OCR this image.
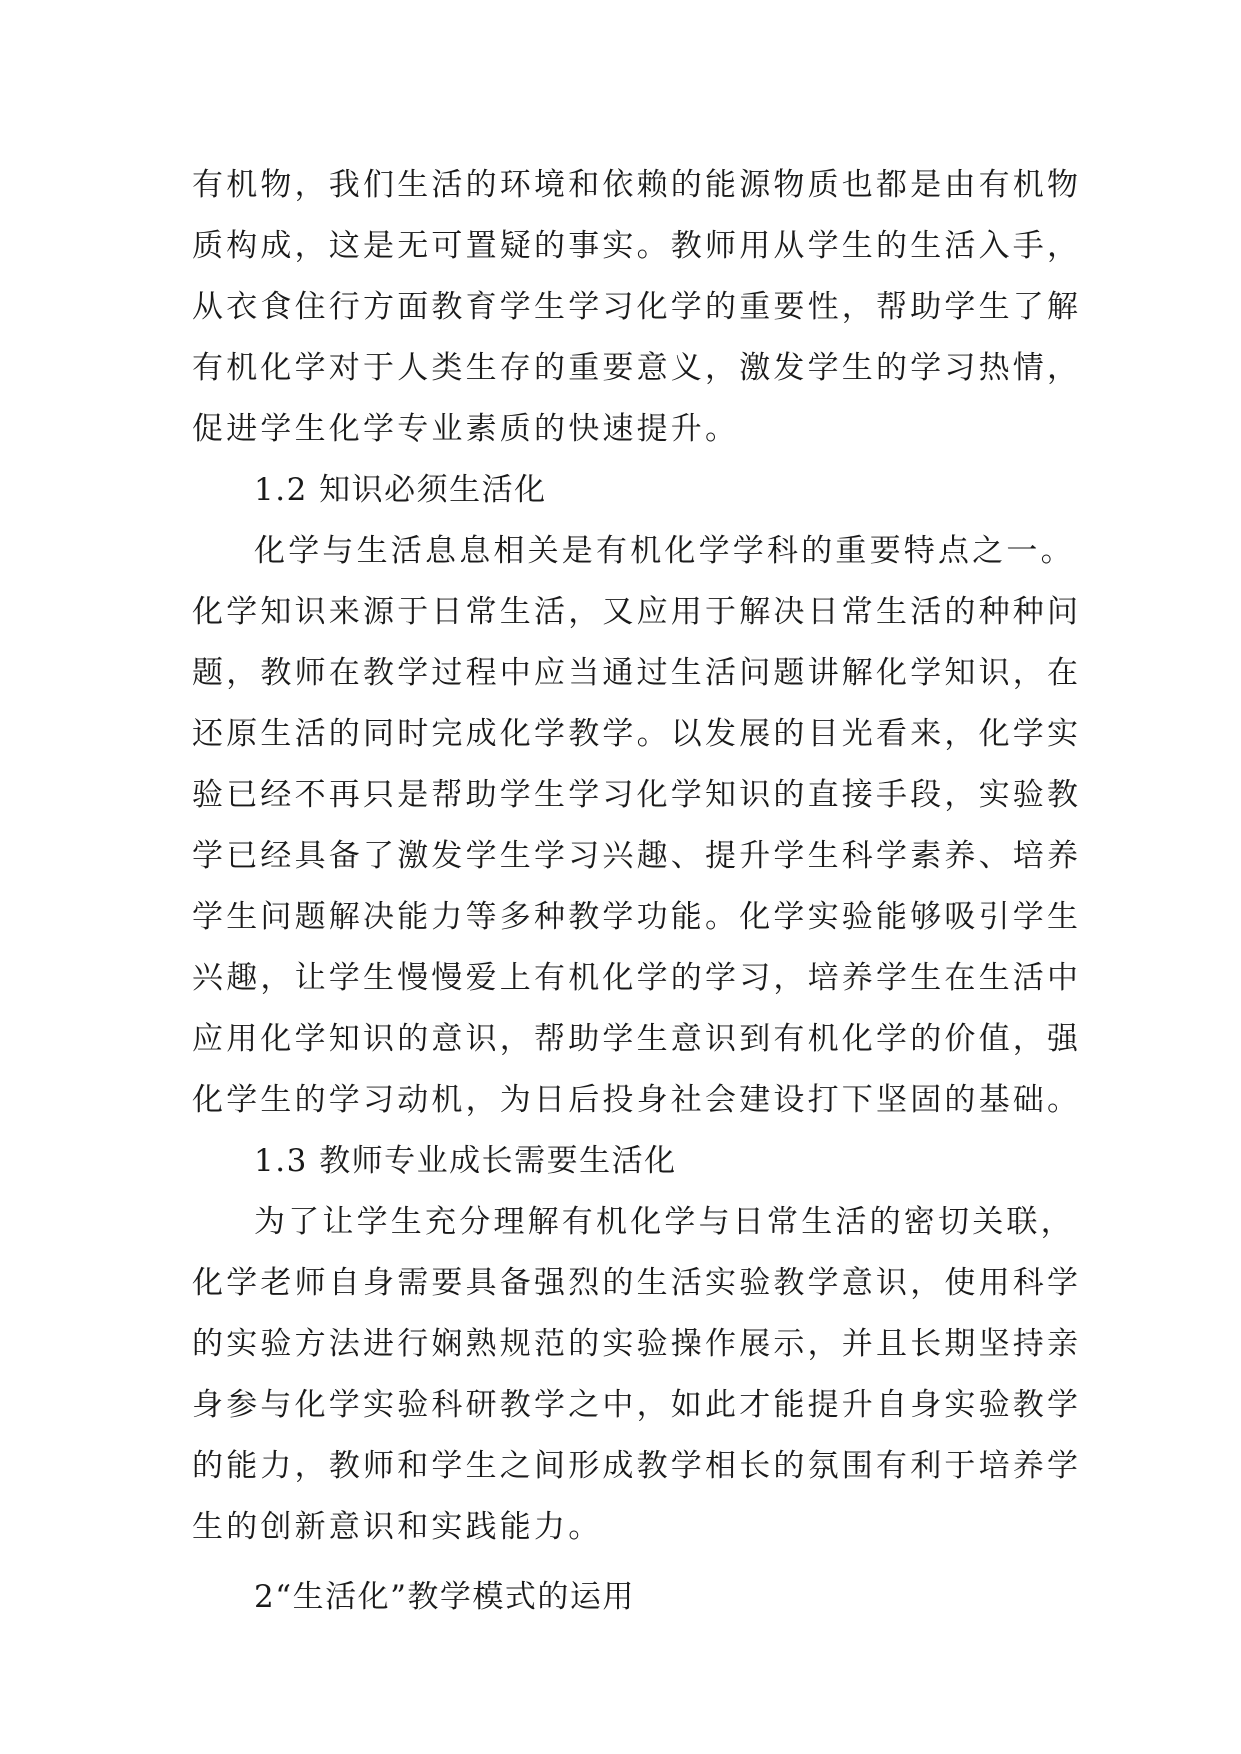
有机物，我们生活的环境和依赖的能源物质也都是由有机物
质构成，这是无可置疑的事实。教师用从学生的生活入手，
从衣食住行方面教育学生学习化学的重要性，帮助学生了解
有机化学对于人类生存的重要意义，激发学生的学习热情，
促进学生化学专业素质的快速提升。
1.2 知识必须生活化
化学与生活息息相关是有机化学学科的重要特点之一。
化学知识来源于日常生活，又应用于解决日常生活的种种问
题，教师在教学过程中应当通过生活问题讲解化学知识，在
还原生活的同时完成化学教学。以发展的目光看来，化学实
验已经不再只是帮助学生学习化学知识的直接手段，实验教
学已经具备了激发学生学习兴趣、提升学生科学素养、培养
学生问题解决能力等多种教学功能。化学实验能够吸引学生
兴趣，让学生慢慢爱上有机化学的学习，培养学生在生活中
应用化学知识的意识，帮助学生意识到有机化学的价值，强
化学生的学习动机，为日后投身社会建设打下坚固的基础。
1.3 教师专业成长需要生活化
为了让学生充分理解有机化学与日常生活的密切关联，
化学老师自身需要具备强烈的生活实验教学意识，使用科学
的实验方法进行娴熟规范的实验操作展示，并且长期坚持亲
身参与化学实验科研教学之中，如此才能提升自身实验教学
的能力，教师和学生之间形成教学相长的氛围有利于培养学
生的创新意识和实践能力。
2“生活化”教学模式的运用
